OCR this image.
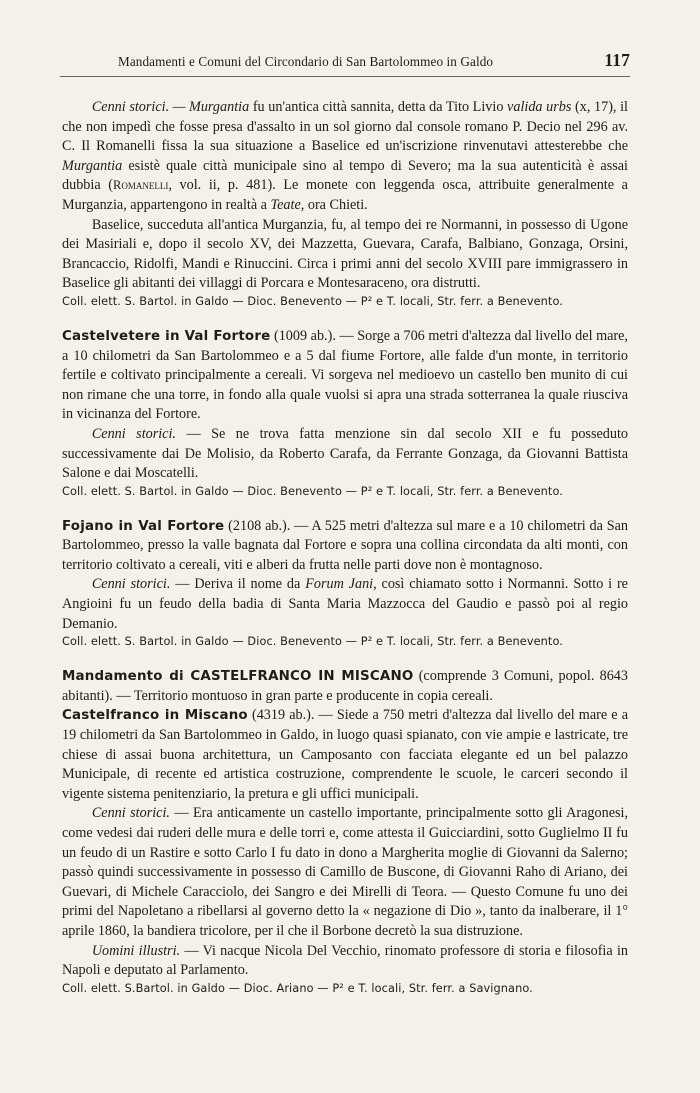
Mandamenti e Comuni del Circondario di San Bartolommeo in Galdo	117

Cenni storici. — Murgantia fu un'antica città sannita, detta da Tito Livio valida urbs (x, 17), il che non impedì che fosse presa d'assalto in un sol giorno dal console romano P. Decio nel 296 av. C. Il Romanelli fissa la sua situazione a Baselice ed un'iscrizione rinvenutavi attesterebbe che Murgantia esistè quale città municipale sino al tempo di Severo; ma la sua autenticità è assai dubbia (Romanelli, vol. ii, p. 481). Le monete con leggenda osca, attribuite generalmente a Murganzia, appartengono in realtà a Teate, ora Chieti.

Baselice, succeduta all'antica Murganzia, fu, al tempo dei re Normanni, in possesso di Ugone dei Masiriali e, dopo il secolo XV, dei Mazzetta, Guevara, Carafa, Balbiano, Gonzaga, Orsini, Brancaccio, Ridolfi, Mandi e Rinuccini. Circa i primi anni del secolo XVIII pare immigrassero in Baselice gli abitanti dei villaggi di Porcara e Montesaraceno, ora distrutti.

Coll. elett. S. Bartol. in Galdo — Dioc. Benevento — P² e T. locali, Str. ferr. a Benevento.

Castelvetere in Val Fortore (1009 ab.). — Sorge a 706 metri d'altezza dal livello del mare, a 10 chilometri da San Bartolommeo e a 5 dal fiume Fortore, alle falde d'un monte, in territorio fertile e coltivato principalmente a cereali. Vi sorgeva nel medioevo un castello ben munito di cui non rimane che una torre, in fondo alla quale vuolsi si apra una strada sotterranea la quale riusciva in vicinanza del Fortore.

Cenni storici. — Se ne trova fatta menzione sin dal secolo XII e fu posseduto successivamente dai De Molisio, da Roberto Carafa, da Ferrante Gonzaga, da Giovanni Battista Salone e dai Moscatelli.

Coll. elett. S. Bartol. in Galdo — Dioc. Benevento — P² e T. locali, Str. ferr. a Benevento.

Fojano in Val Fortore (2108 ab.). — A 525 metri d'altezza sul mare e a 10 chilometri da San Bartolommeo, presso la valle bagnata dal Fortore e sopra una collina circondata da alti monti, con territorio coltivato a cereali, viti e alberi da frutta nelle parti dove non è montagnoso.

Cenni storici. — Deriva il nome da Forum Jani, così chiamato sotto i Normanni. Sotto i re Angioini fu un feudo della badia di Santa Maria Mazzocca del Gaudio e passò poi al regio Demanio.

Coll. elett. S. Bartol. in Galdo — Dioc. Benevento — P² e T. locali, Str. ferr. a Benevento.

Mandamento di CASTELFRANCO IN MISCANO (comprende 3 Comuni, popol. 8643 abitanti). — Territorio montuoso in gran parte e producente in copia cereali.

Castelfranco in Miscano (4319 ab.). — Siede a 750 metri d'altezza dal livello del mare e a 19 chilometri da San Bartolommeo in Galdo, in luogo quasi spianato, con vie ampie e lastricate, tre chiese di assai buona architettura, un Camposanto con facciata elegante ed un bel palazzo Municipale, di recente ed artistica costruzione, comprendente le scuole, le carceri secondo il vigente sistema penitenziario, la pretura e gli uffici municipali.

Cenni storici. — Era anticamente un castello importante, principalmente sotto gli Aragonesi, come vedesi dai ruderi delle mura e delle torri e, come attesta il Guicciardini, sotto Guglielmo II fu un feudo di un Rastire e sotto Carlo I fu dato in dono a Margherita moglie di Giovanni da Salerno; passò quindi successivamente in possesso di Camillo de Buscone, di Giovanni Raho di Ariano, dei Guevari, di Michele Caracciolo, dei Sangro e dei Mirelli di Teora. — Questo Comune fu uno dei primi del Napoletano a ribellarsi al governo detto la « negazione di Dio », tanto da inalberare, il 1° aprile 1860, la bandiera tricolore, per il che il Borbone decretò la sua distruzione.

Uomini illustri. — Vi nacque Nicola Del Vecchio, rinomato professore di storia e filosofia in Napoli e deputato al Parlamento.

Coll. elett. S.Bartol. in Galdo — Dioc. Ariano — P² e T. locali, Str. ferr. a Savignano.
